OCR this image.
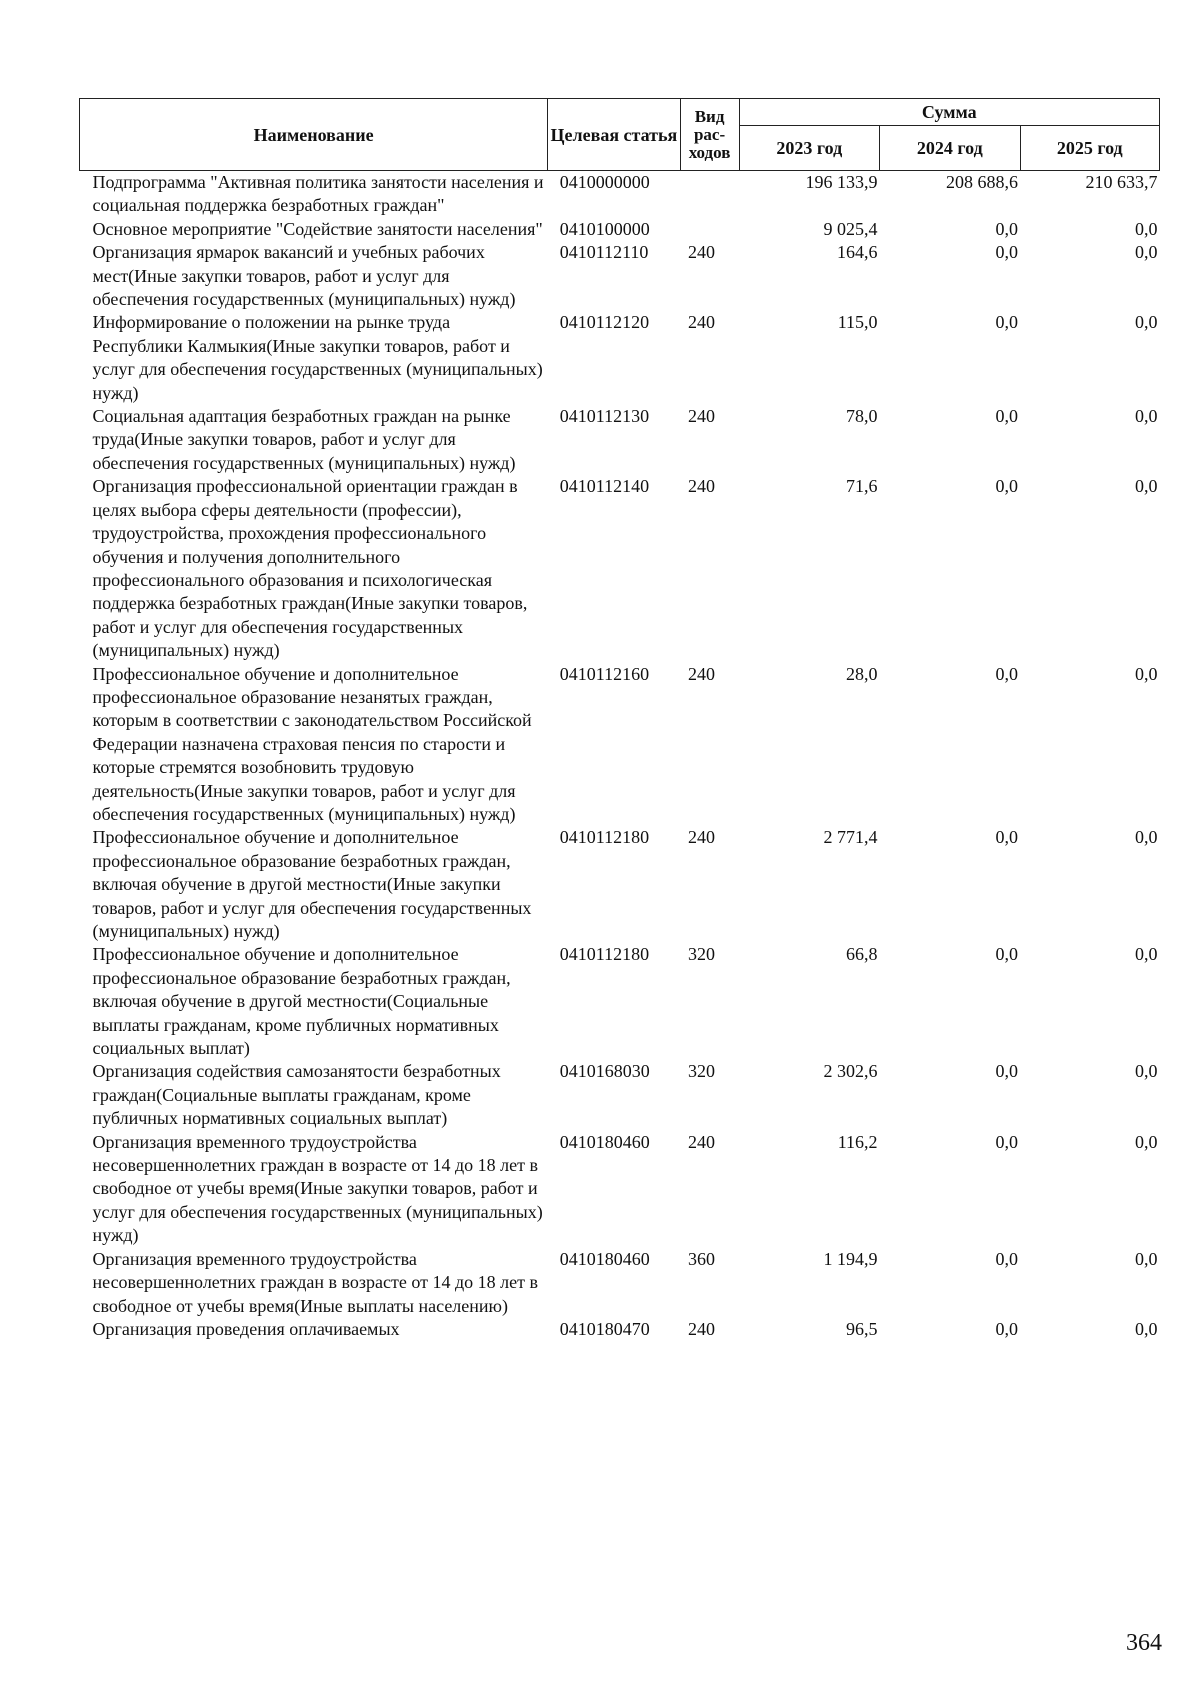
Наименование	Целевая статья	Вид рас-ходов	Сумма		
			2023 год	2024 год	2025 год
Подпрограмма "Активная политика занятости населения и социальная поддержка безработных граждан"	0410000000		196 133,9	208 688,6	210 633,7
Основное мероприятие "Содействие занятости населения"	0410100000		9 025,4	0,0	0,0
Организация ярмарок вакансий и учебных рабочих мест(Иные закупки товаров, работ и услуг для обеспечения государственных (муниципальных) нужд)	0410112110	240	164,6	0,0	0,0
Информирование о положении на рынке труда Республики Калмыкия(Иные закупки товаров, работ и услуг для обеспечения государственных (муниципальных) нужд)	0410112120	240	115,0	0,0	0,0
Социальная адаптация безработных граждан на рынке труда(Иные закупки товаров, работ и услуг для обеспечения государственных (муниципальных) нужд)	0410112130	240	78,0	0,0	0,0
Организация профессиональной ориентации граждан в целях выбора сферы деятельности (профессии), трудоустройства, прохождения профессионального обучения и получения дополнительного профессионального образования и психологическая поддержка безработных граждан(Иные закупки товаров, работ и услуг для обеспечения государственных (муниципальных) нужд)	0410112140	240	71,6	0,0	0,0
Профессиональное обучение и дополнительное профессиональное образование незанятых граждан, которым в соответствии с законодательством Российской Федерации назначена страховая пенсия по старости и которые стремятся возобновить трудовую деятельность(Иные закупки товаров, работ и услуг для обеспечения государственных (муниципальных) нужд)	0410112160	240	28,0	0,0	0,0
Профессиональное обучение и дополнительное профессиональное образование безработных граждан, включая обучение в другой местности(Иные закупки товаров, работ и услуг для обеспечения государственных (муниципальных) нужд)	0410112180	240	2 771,4	0,0	0,0
Профессиональное обучение и дополнительное профессиональное образование безработных граждан, включая обучение в другой местности(Социальные выплаты гражданам, кроме публичных нормативных социальных выплат)	0410112180	320	66,8	0,0	0,0
Организация содействия самозанятости безработных граждан(Социальные выплаты гражданам, кроме публичных нормативных социальных выплат)	0410168030	320	2 302,6	0,0	0,0
Организация временного трудоустройства несовершеннолетних граждан в возрасте от 14 до 18 лет в свободное от учебы время(Иные закупки товаров, работ и услуг для обеспечения государственных (муниципальных) нужд)	0410180460	240	116,2	0,0	0,0
Организация временного трудоустройства несовершеннолетних граждан в возрасте от 14 до 18 лет в свободное от учебы время(Иные выплаты населению)	0410180460	360	1 194,9	0,0	0,0
Организация проведения оплачиваемых	0410180470	240	96,5	0,0	0,0
364
